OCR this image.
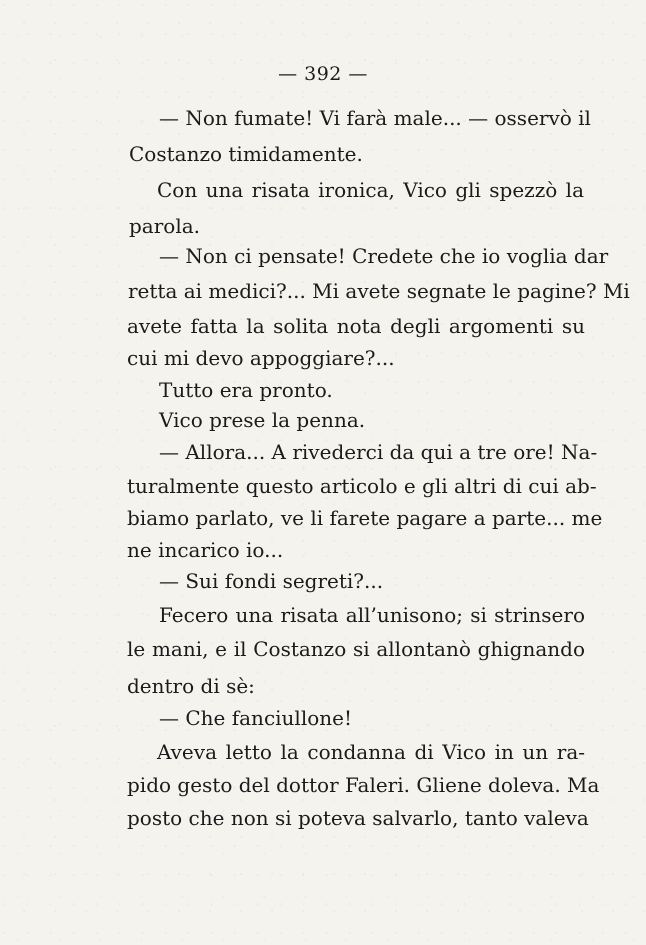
— 392 —
— Non fumate! Vi farà male... — osservò il
Costanzo timidamente.
Con una risata ironica, Vico gli spezzò la
parola.
— Non ci pensate! Credete che io voglia dar
retta ai medici?... Mi avete segnate le pagine? Mi
avete fatta la solita nota degli argomenti su
cui mi devo appoggiare?...
Tutto era pronto.
Vico prese la penna.
— Allora... A rivederci da qui a tre ore! Na-
turalmente questo articolo e gli altri di cui ab-
biamo parlato, ve li farete pagare a parte... me
ne incarico io...
— Sui fondi segreti?...
Fecero una risata all’unisono; si strinsero
le mani, e il Costanzo si allontanò ghignando
dentro di sè:
— Che fanciullone!
Aveva letto la condanna di Vico in un ra-
pido gesto del dottor Faleri. Gliene doleva. Ma
posto che non si poteva salvarlo, tanto valeva
